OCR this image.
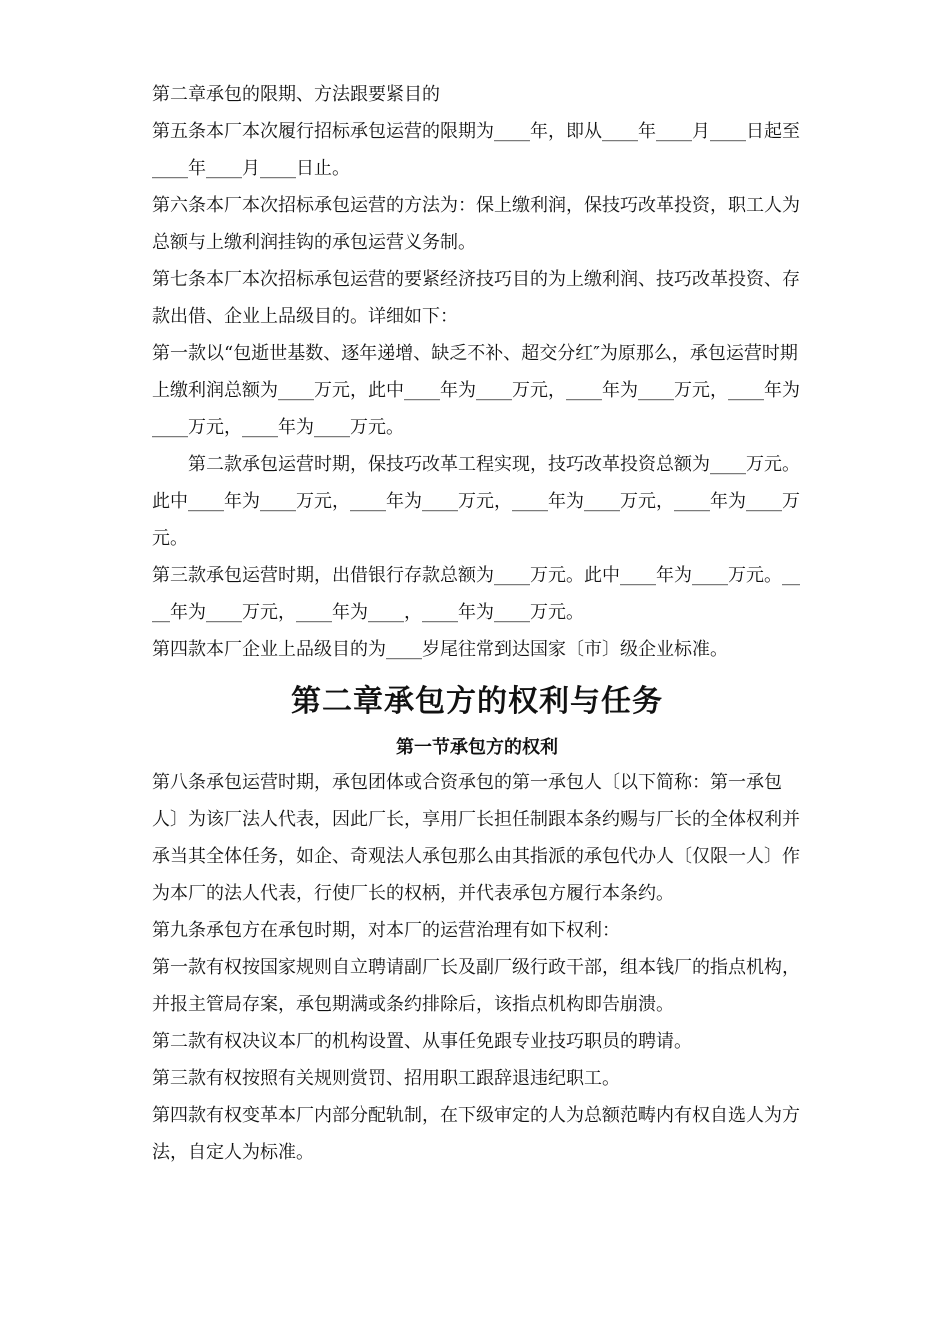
第二章承包的限期、方法跟要紧目的

第五条本厂本次履行招标承包运营的限期为____年，即从____年____月____日起至____年____月____日止。

第六条本厂本次招标承包运营的方法为：保上缴利润，保技巧改革投资，职工人为总额与上缴利润挂钩的承包运营义务制。

第七条本厂本次招标承包运营的要紧经济技巧目的为上缴利润、技巧改革投资、存款出借、企业上品级目的。详细如下：

第一款以“包逝世基数、逐年递增、缺乏不补、超交分红″为原那么，承包运营时期上缴利润总额为____万元，此中____年为____万元，____年为____万元，____年为____万元，____年为____万元。

第二款承包运营时期，保技巧改革工程实现，技巧改革投资总额为____万元。此中____年为____万元，____年为____万元，____年为____万元，____年为____万元。

第三款承包运营时期，出借银行存款总额为____万元。此中____年为____万元。____年为____万元，____年为____，____年为____万元。

第四款本厂企业上品级目的为____岁尾往常到达国家〔市〕级企业标准。

第二章承包方的权利与任务
第一节承包方的权利

第八条承包运营时期，承包团体或合资承包的第一承包人〔以下简称：第一承包人〕为该厂法人代表，因此厂长，享用厂长担任制跟本条约赐与厂长的全体权利并承当其全体任务，如企、奇观法人承包那么由其指派的承包代办人〔仅限一人〕作为本厂的法人代表，行使厂长的权柄，并代表承包方履行本条约。

第九条承包方在承包时期，对本厂的运营治理有如下权利：

第一款有权按国家规则自立聘请副厂长及副厂级行政干部，组本钱厂的指点机构，并报主管局存案，承包期满或条约排除后，该指点机构即告崩溃。

第二款有权决议本厂的机构设置、从事任免跟专业技巧职员的聘请。

第三款有权按照有关规则赏罚、招用职工跟辞退违纪职工。

第四款有权变革本厂内部分配轨制，在下级审定的人为总额范畴内有权自选人为方法，自定人为标准。
